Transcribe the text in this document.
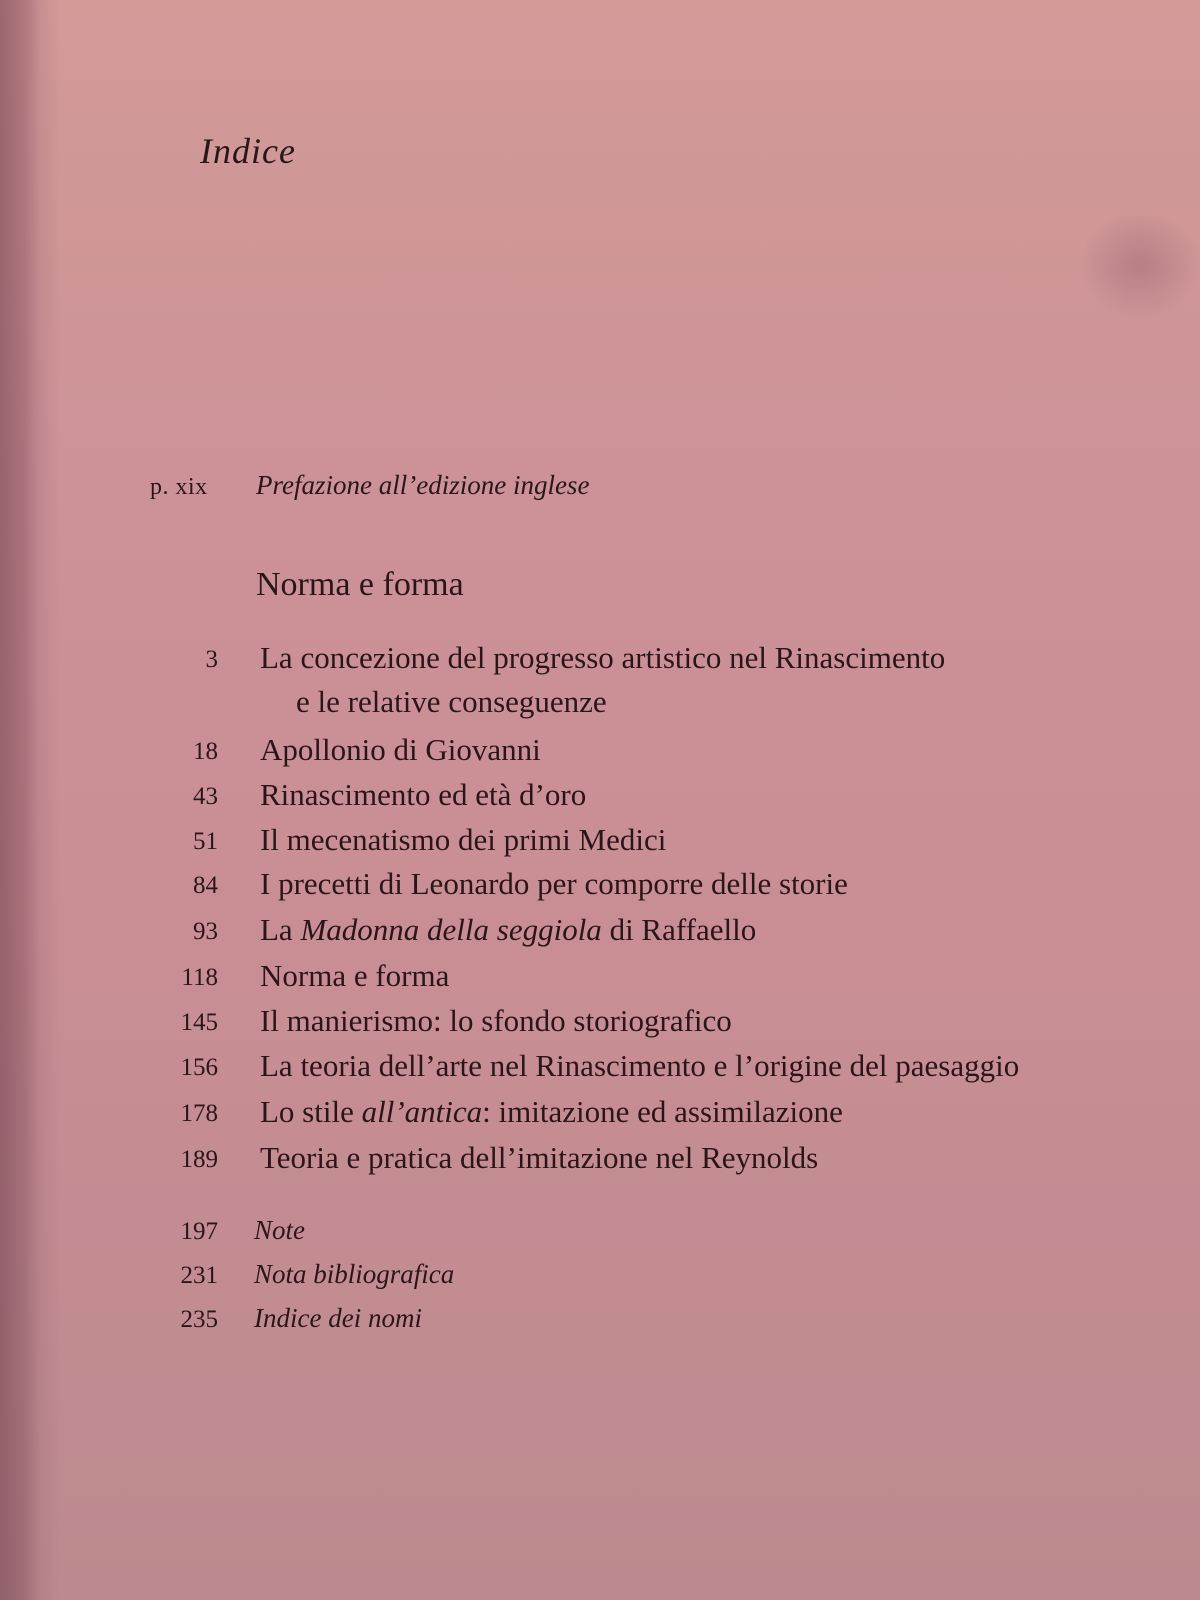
Indice
p. xix Prefazione all’edizione inglese
Norma e forma
3 La concezione del progresso artistico nel Rinascimento
e le relative conseguenze
18 Apollonio di Giovanni
43 Rinascimento ed età d’oro
51 Il mecenatismo dei primi Medici
84 I precetti di Leonardo per comporre delle storie
93 La Madonna della seggiola di Raffaello
118 Norma e forma
145 Il manierismo: lo sfondo storiografico
156 La teoria dell’arte nel Rinascimento e l’origine del paesaggio
178 Lo stile all’antica: imitazione ed assimilazione
189 Teoria e pratica dell’imitazione nel Reynolds
197 Note
231 Nota bibliografica
235 Indice dei nomi
